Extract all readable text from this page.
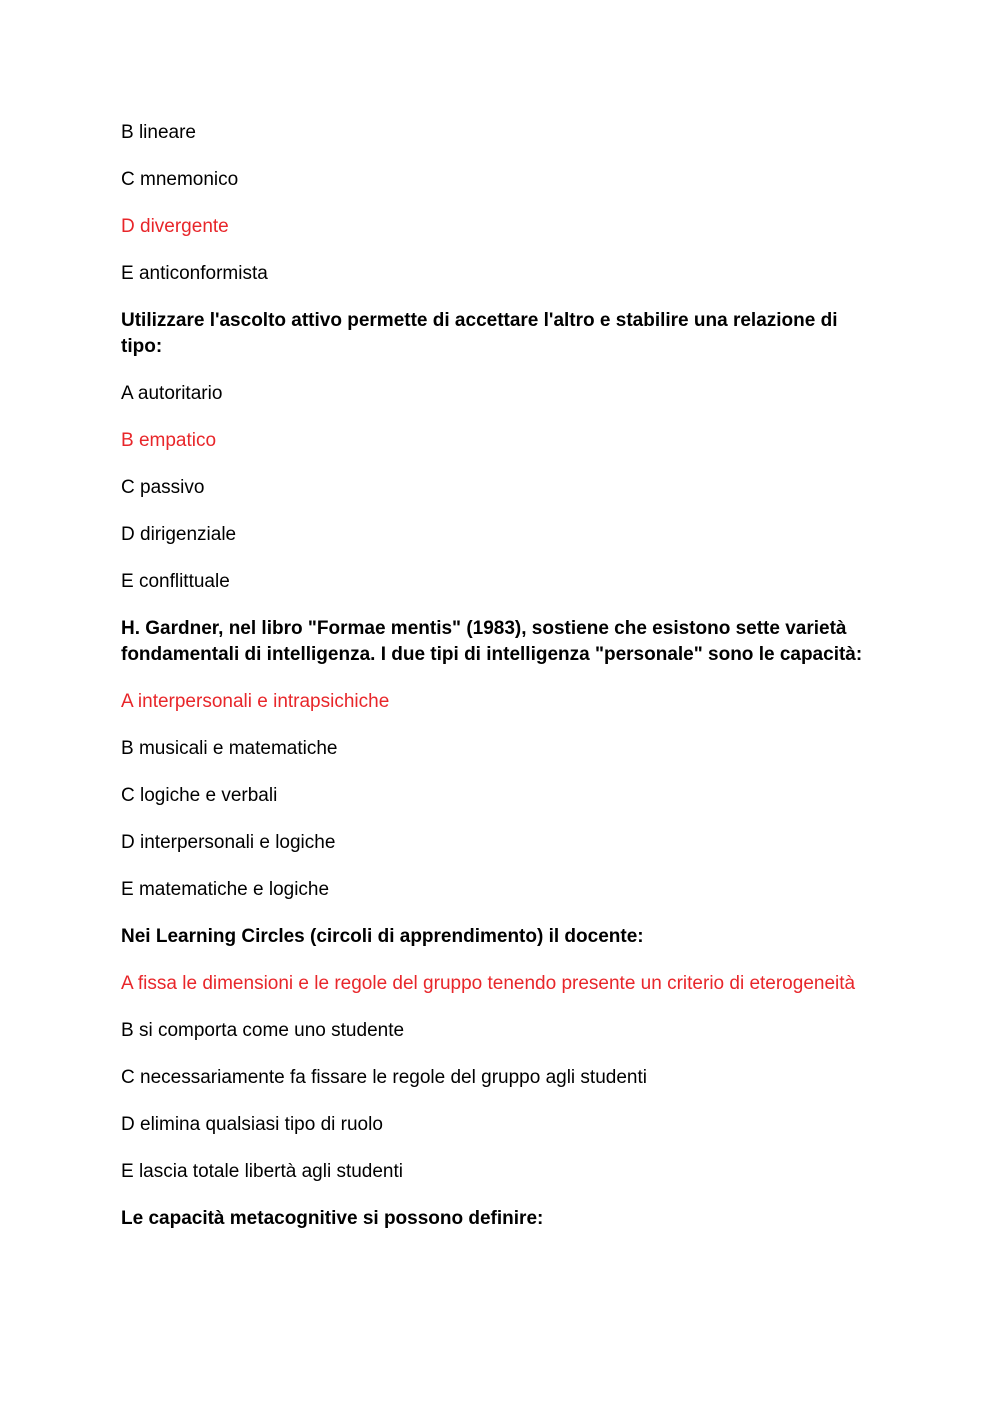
B lineare

C mnemonico

D divergente

E anticonformista

Utilizzare l'ascolto attivo permette di accettare l'altro e stabilire una relazione di tipo:

A autoritario

B empatico

C passivo

D dirigenziale

E conflittuale

H. Gardner, nel libro "Formae mentis" (1983), sostiene che esistono sette varietà fondamentali di intelligenza. I due tipi di intelligenza "personale" sono le capacità:

A interpersonali e intrapsichiche

B musicali e matematiche

C logiche e verbali

D interpersonali e logiche

E matematiche e logiche

Nei Learning Circles (circoli di apprendimento) il docente:

A fissa le dimensioni e le regole del gruppo tenendo presente un criterio di eterogeneità

B si comporta come uno studente

C necessariamente fa fissare le regole del gruppo agli studenti

D elimina qualsiasi tipo di ruolo

E lascia totale libertà agli studenti

Le capacità metacognitive si possono definire:
